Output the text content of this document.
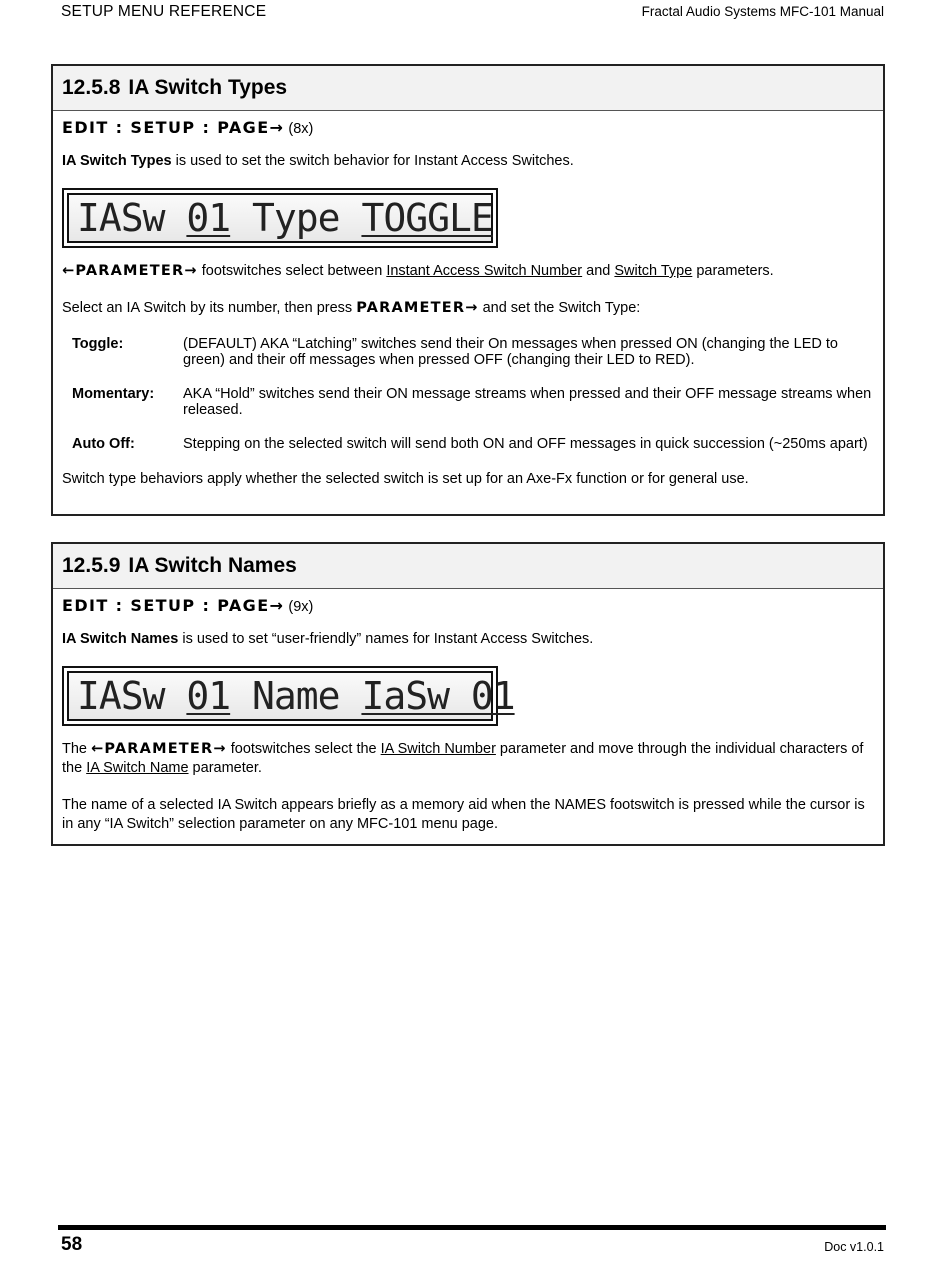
SETUP MENU REFERENCE	Fractal Audio Systems MFC-101 Manual
12.5.8 IA Switch Types
EDIT : SETUP : PAGE→ (8x)

IA Switch Types is used to set the switch behavior for Instant Access Switches.

IASw 01 Type TOGGLE

←PARAMETER→ footswitches select between Instant Access Switch Number and Switch Type parameters.

Select an IA Switch by its number, then press PARAMETER→ and set the Switch Type:

Toggle:	(DEFAULT) AKA “Latching” switches send their On messages when pressed ON (changing the LED to green) and their off messages when pressed OFF (changing their LED to RED).
Momentary:	AKA “Hold” switches send their ON message streams when pressed and their OFF message streams when released.
Auto Off:	Stepping on the selected switch will send both ON and OFF messages in quick succession (~250ms apart)

Switch type behaviors apply whether the selected switch is set up for an Axe-Fx function or for general use.

12.5.9 IA Switch Names
EDIT : SETUP : PAGE→ (9x)

IA Switch Names is used to set “user-friendly” names for Instant Access Switches.

IASw 01 Name IaSw 01

The ←PARAMETER→ footswitches select the IA Switch Number parameter and move through the individual characters of the IA Switch Name parameter.

The name of a selected IA Switch appears briefly as a memory aid when the NAMES footswitch is pressed while the cursor is in any “IA Switch” selection parameter on any MFC-101 menu page.

58	Doc v1.0.1
